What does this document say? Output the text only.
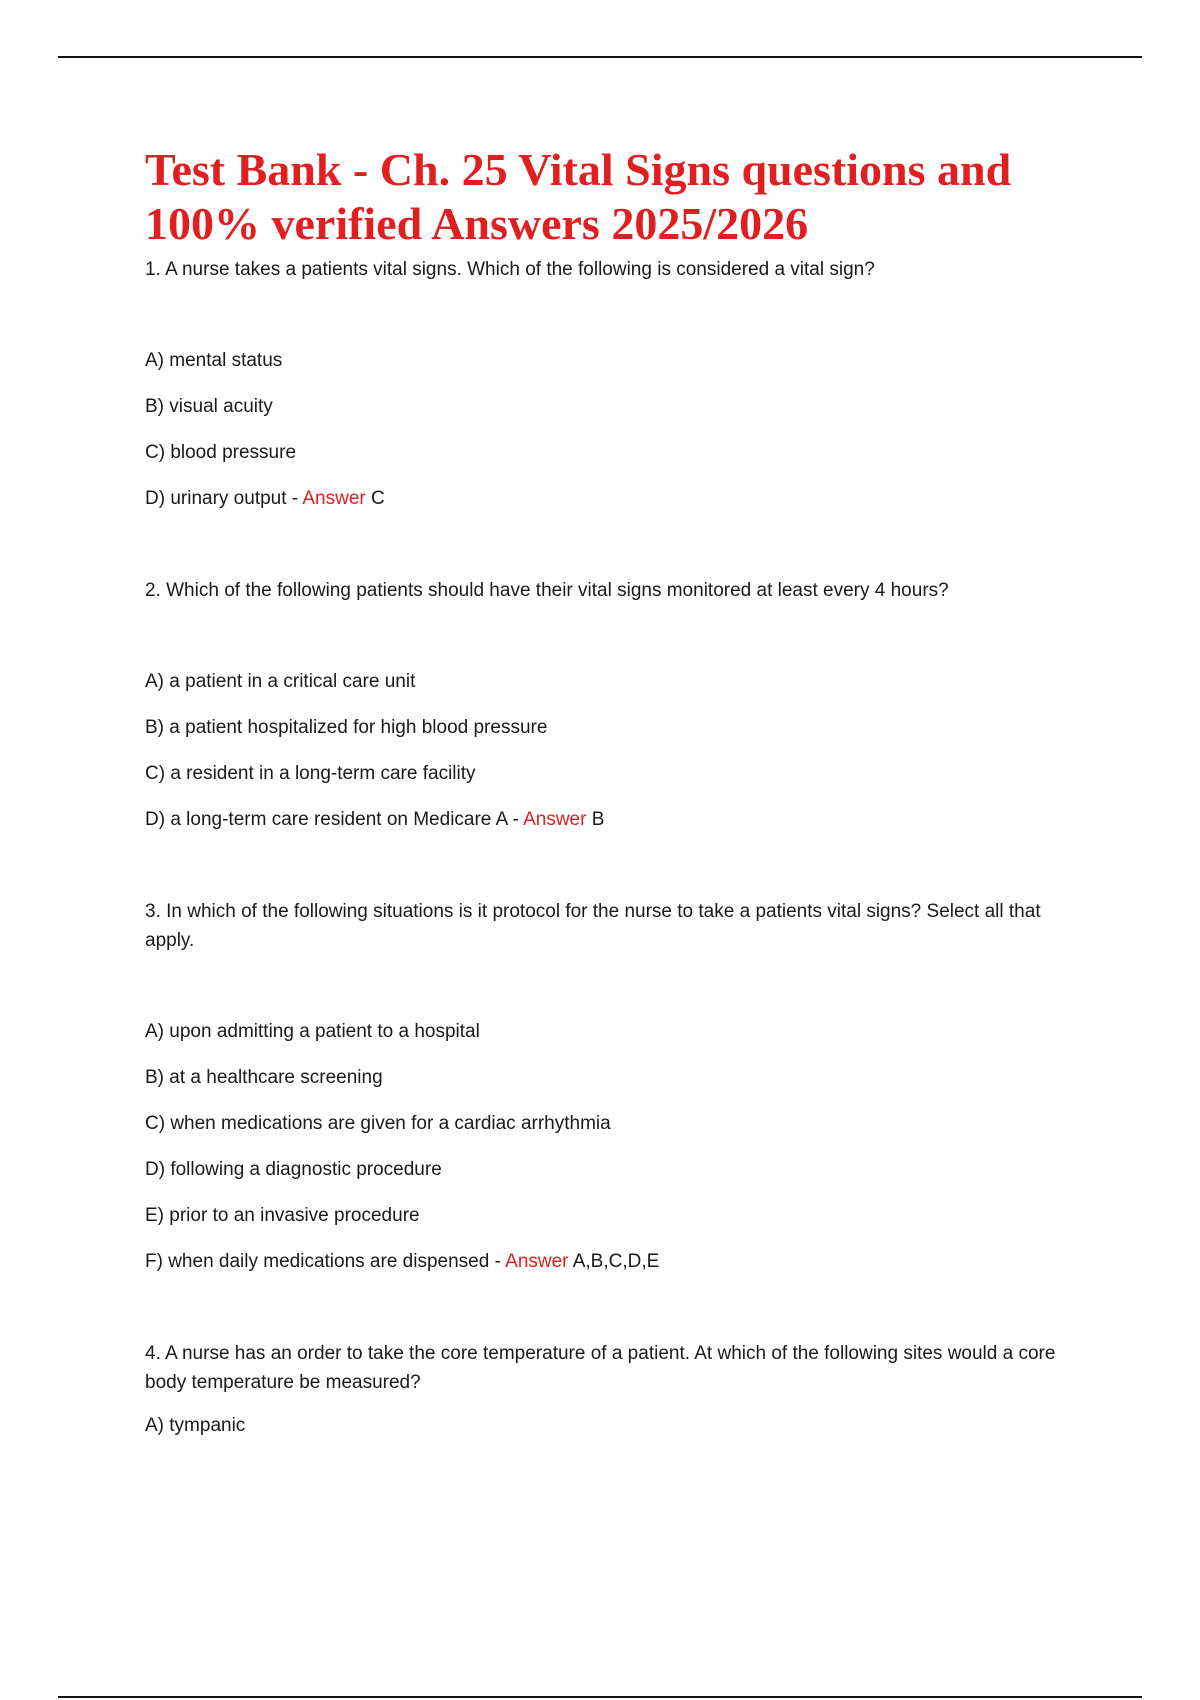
Test Bank - Ch. 25 Vital Signs questions and 100% verified Answers 2025/2026

1. A nurse takes a patients vital signs. Which of the following is considered a vital sign?

A) mental status

B) visual acuity

C) blood pressure

D) urinary output - Answer C

2. Which of the following patients should have their vital signs monitored at least every 4 hours?

A) a patient in a critical care unit

B) a patient hospitalized for high blood pressure

C) a resident in a long-term care facility

D) a long-term care resident on Medicare A - Answer B

3. In which of the following situations is it protocol for the nurse to take a patients vital signs? Select all that apply.

A) upon admitting a patient to a hospital

B) at a healthcare screening

C) when medications are given for a cardiac arrhythmia

D) following a diagnostic procedure

E) prior to an invasive procedure

F) when daily medications are dispensed - Answer A,B,C,D,E

4. A nurse has an order to take the core temperature of a patient. At which of the following sites would a core body temperature be measured?

A) tympanic
